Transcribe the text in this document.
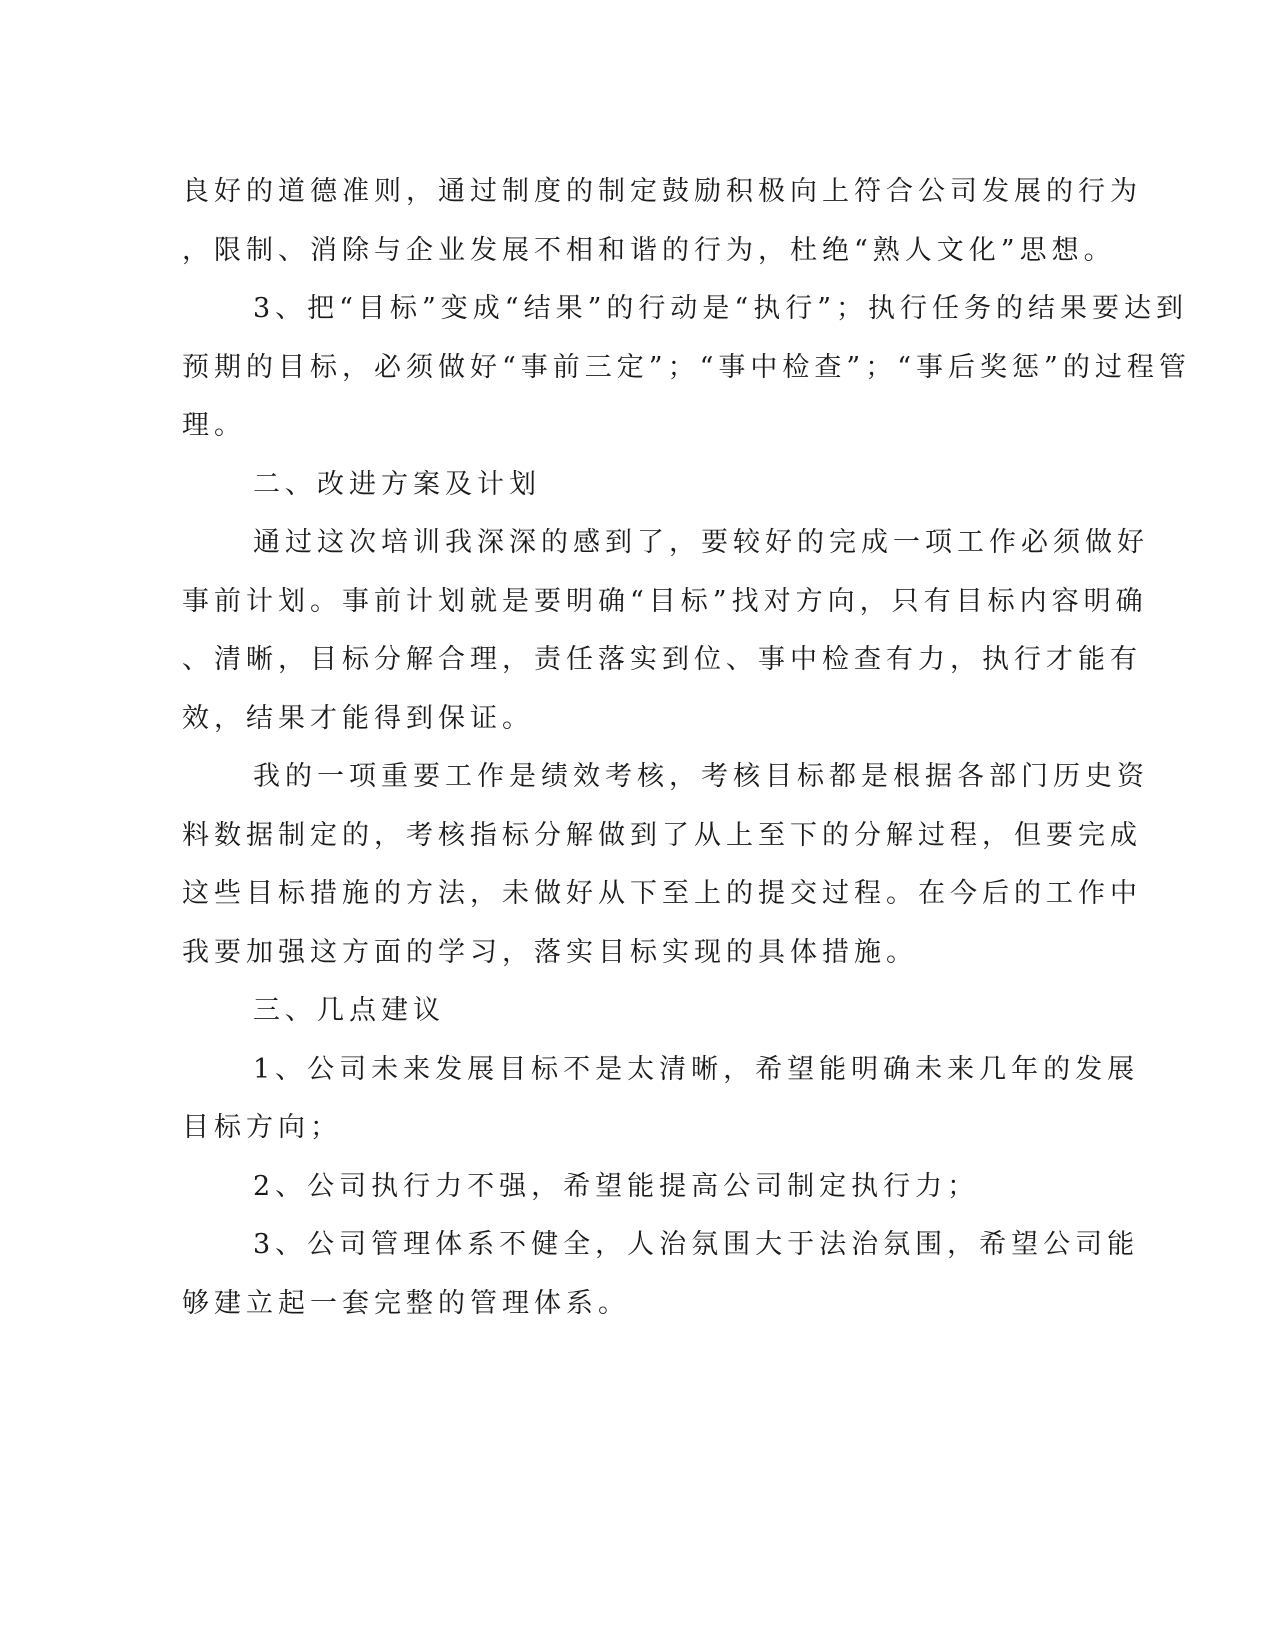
良好的道德准则，通过制度的制定鼓励积极向上符合公司发展的行为
，限制、消除与企业发展不相和谐的行为，杜绝“熟人文化”思想。
3、把“目标”变成“结果”的行动是“执行”；执行任务的结果要达到
预期的目标，必须做好“事前三定”；“事中检查”；“事后奖惩”的过程管
理。
二、改进方案及计划
通过这次培训我深深的感到了，要较好的完成一项工作必须做好
事前计划。事前计划就是要明确“目标”找对方向，只有目标内容明确
、清晰，目标分解合理，责任落实到位、事中检查有力，执行才能有
效，结果才能得到保证。
我的一项重要工作是绩效考核，考核目标都是根据各部门历史资
料数据制定的，考核指标分解做到了从上至下的分解过程，但要完成
这些目标措施的方法，未做好从下至上的提交过程。在今后的工作中
我要加强这方面的学习，落实目标实现的具体措施。
三、几点建议
1、公司未来发展目标不是太清晰，希望能明确未来几年的发展
目标方向；
2、公司执行力不强，希望能提高公司制定执行力；
3、公司管理体系不健全，人治氛围大于法治氛围，希望公司能
够建立起一套完整的管理体系。
